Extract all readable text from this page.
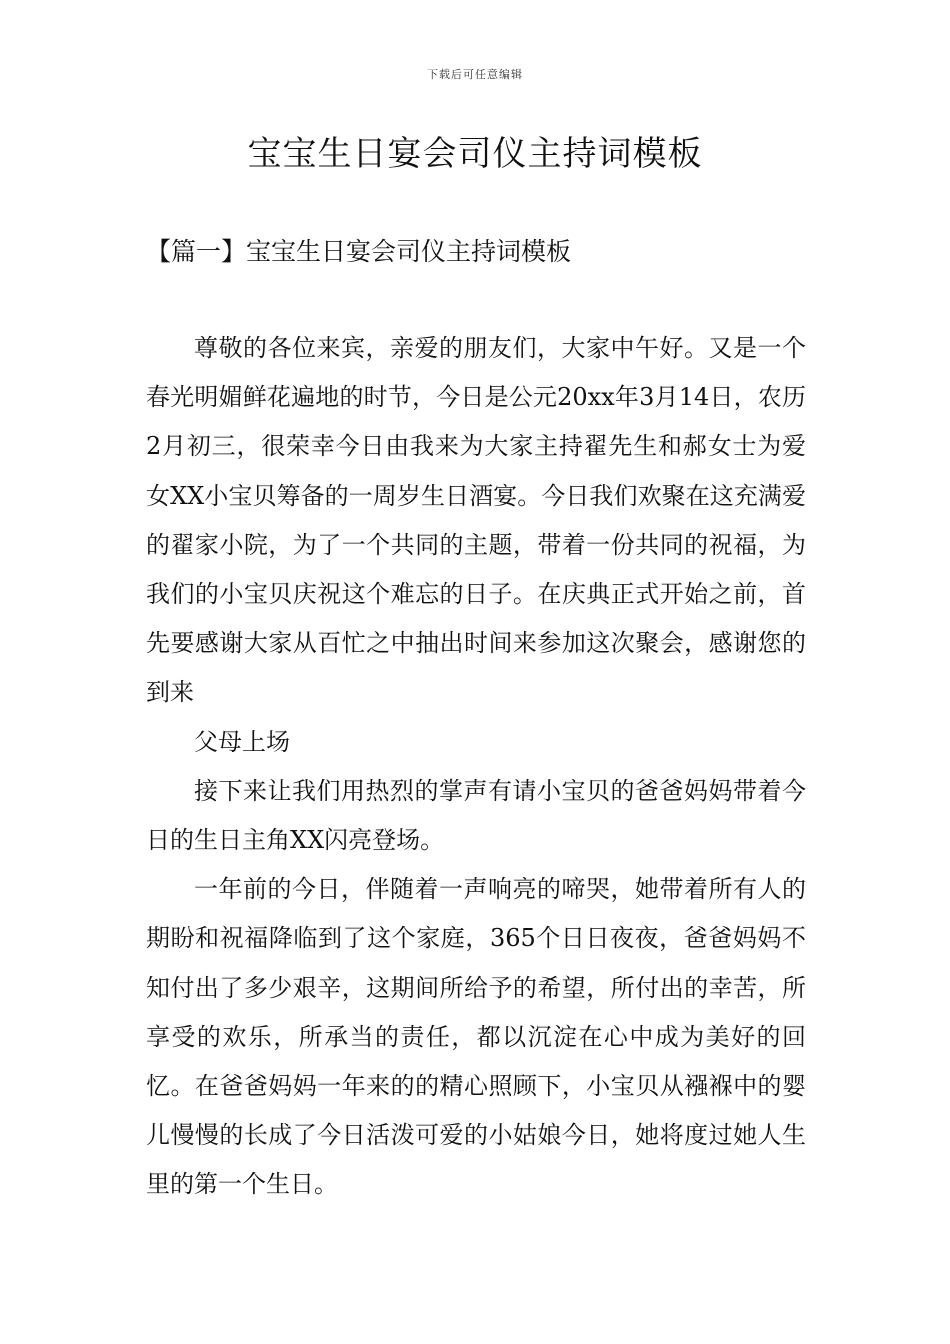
下载后可任意编辑
宝宝生日宴会司仪主持词模板
【篇一】宝宝生日宴会司仪主持词模板

尊敬的各位来宾，亲爱的朋友们，大家中午好。又是一个春光明媚鲜花遍地的时节，今日是公元20xx年3月14日，农历2月初三，很荣幸今日由我来为大家主持翟先生和郝女士为爱女XX小宝贝筹备的一周岁生日酒宴。今日我们欢聚在这充满爱的翟家小院，为了一个共同的主题，带着一份共同的祝福，为我们的小宝贝庆祝这个难忘的日子。在庆典正式开始之前，首先要感谢大家从百忙之中抽出时间来参加这次聚会，感谢您的到来

父母上场

接下来让我们用热烈的掌声有请小宝贝的爸爸妈妈带着今日的生日主角XX闪亮登场。

一年前的今日，伴随着一声响亮的啼哭，她带着所有人的期盼和祝福降临到了这个家庭，365个日日夜夜，爸爸妈妈不知付出了多少艰辛，这期间所给予的希望，所付出的幸苦，所享受的欢乐，所承当的责任，都以沉淀在心中成为美好的回忆。在爸爸妈妈一年来的的精心照顾下，小宝贝从襁褓中的婴儿慢慢的长成了今日活泼可爱的小姑娘今日，她将度过她人生里的第一个生日。
